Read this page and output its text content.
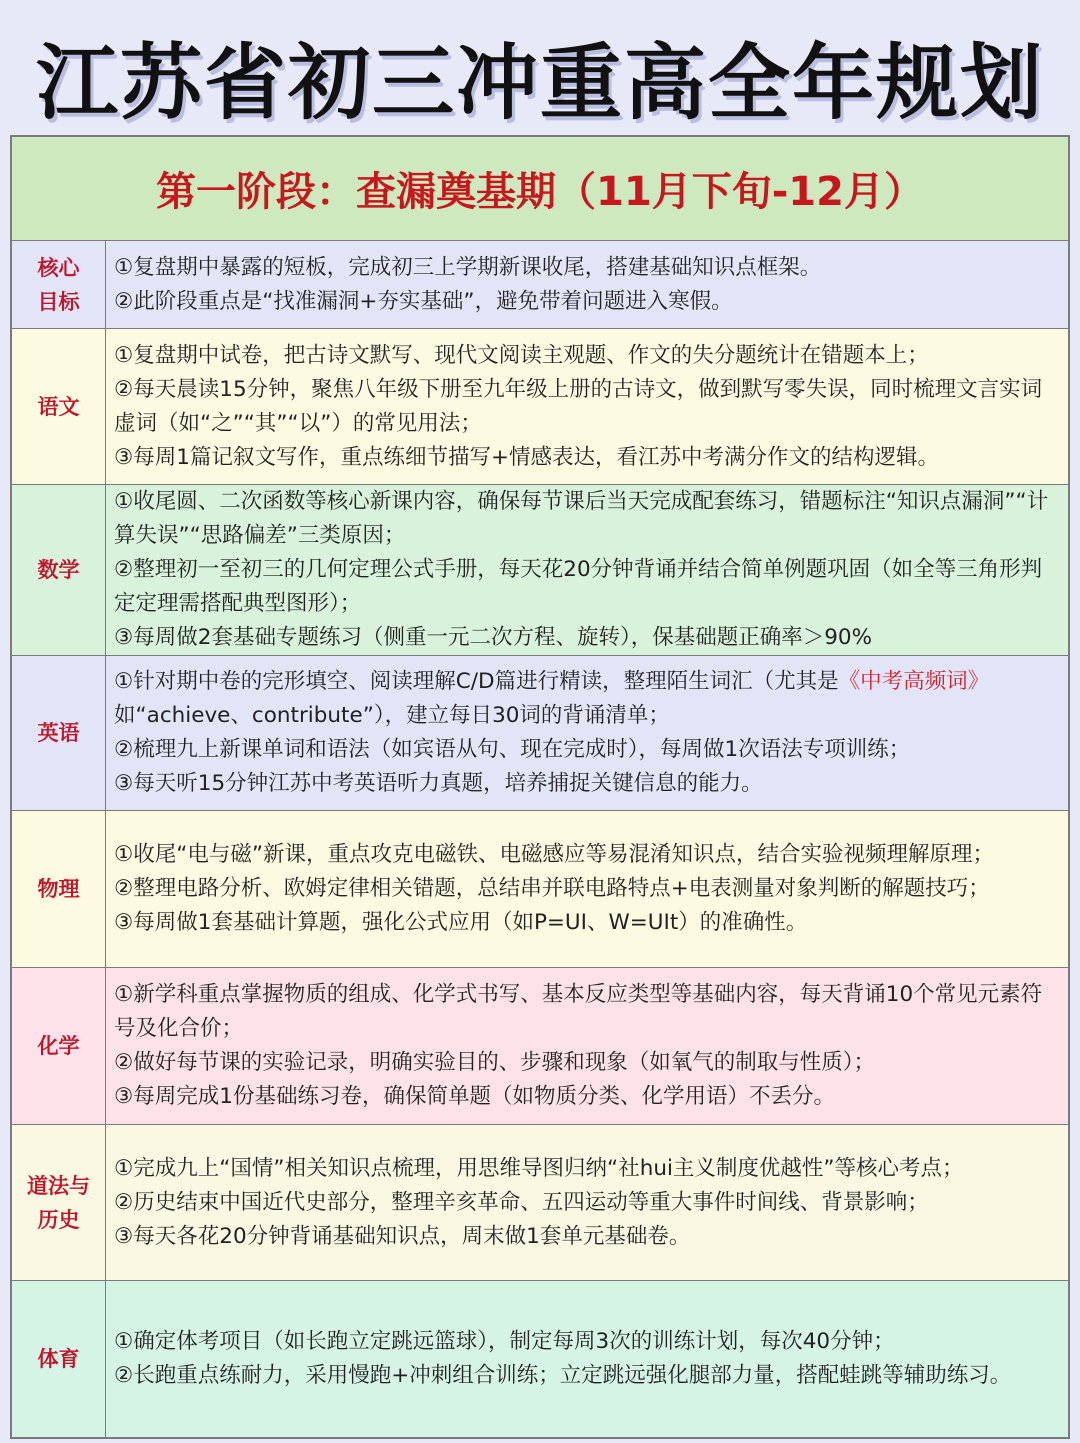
江苏省初三冲重高全年规划
第一阶段：查漏奠基期（11月下旬-12月）
核心目标
①复盘期中暴露的短板，完成初三上学期新课收尾，搭建基础知识点框架。
②此阶段重点是“找准漏洞+夯实基础”，避免带着问题进入寒假。
语文
①复盘期中试卷，把古诗文默写、现代文阅读主观题、作文的失分题统计在错题本上；
②每天晨读15分钟，聚焦八年级下册至九年级上册的古诗文，做到默写零失误，同时梳理文言实词虚词（如“之”“其”“以”）的常见用法；
③每周1篇记叙文写作，重点练细节描写+情感表达，看江苏中考满分作文的结构逻辑。
数学
①收尾圆、二次函数等核心新课内容，确保每节课后当天完成配套练习，错题标注“知识点漏洞”“计算失误”“思路偏差”三类原因；
②整理初一至初三的几何定理公式手册，每天花20分钟背诵并结合简单例题巩固（如全等三角形判定定理需搭配典型图形）；
③每周做2套基础专题练习（侧重一元二次方程、旋转），保基础题正确率＞90%
英语
①针对期中卷的完形填空、阅读理解C/D篇进行精读，整理陌生词汇（尤其是《中考高频词》如“achieve、contribute”），建立每日30词的背诵清单；
②梳理九上新课单词和语法（如宾语从句、现在完成时），每周做1次语法专项训练；
③每天听15分钟江苏中考英语听力真题，培养捕捉关键信息的能力。
物理
①收尾“电与磁”新课，重点攻克电磁铁、电磁感应等易混淆知识点，结合实验视频理解原理；
②整理电路分析、欧姆定律相关错题，总结串并联电路特点+电表测量对象判断的解题技巧；
③每周做1套基础计算题，强化公式应用（如P=UI、W=UIt）的准确性。
化学
①新学科重点掌握物质的组成、化学式书写、基本反应类型等基础内容，每天背诵10个常见元素符号及化合价；
②做好每节课的实验记录，明确实验目的、步骤和现象（如氧气的制取与性质）；
③每周完成1份基础练习卷，确保简单题（如物质分类、化学用语）不丢分。
道法与历史
①完成九上“国情”相关知识点梳理，用思维导图归纳“社hui主义制度优越性”等核心考点；
②历史结束中国近代史部分，整理辛亥革命、五四运动等重大事件时间线、背景影响；
③每天各花20分钟背诵基础知识点，周末做1套单元基础卷。
体育
①确定体考项目（如长跑立定跳远篮球），制定每周3次的训练计划，每次40分钟；
②长跑重点练耐力，采用慢跑+冲刺组合训练；立定跳远强化腿部力量，搭配蛙跳等辅助练习。
